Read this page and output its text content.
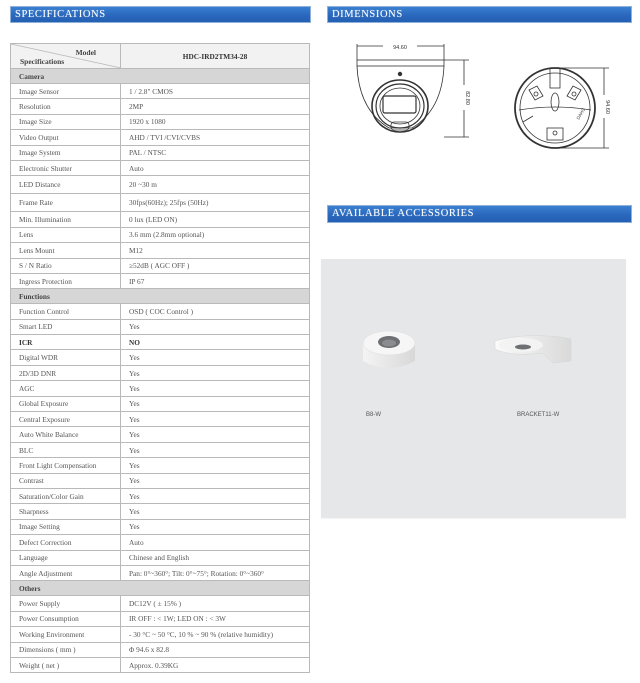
SPECIFICATIONS	DIMENSIONS
AVAILABLE ACCESSORIES
Model
Specifications	HDC-IRD2TM34-28
Camera	
Image Sensor	1 / 2.8" CMOS
Resolution	2MP
Image Size	1920 x 1080
Video Output	AHD / TVI /CVI/CVBS
Image System	PAL / NTSC
Electronic Shutter	Auto
LED Distance	20 ~30 m
Frame Rate	30fps(60Hz); 25fps (50Hz)
Min. Illumination	0 lux (LED ON)
Lens	3.6 mm (2.8mm optional)
Lens Mount	M12
S / N Ratio	≥52dB ( AGC OFF )
Ingress Protection	IP 67
Functions	
Function Control	OSD ( COC Control )
Smart LED	Yes
ICR	NO
Digital WDR	Yes
2D/3D DNR	Yes
AGC	Yes
Global Exposure	Yes
Central Exposure	Yes
Auto White Balance	Yes
BLC	Yes
Front Light Compensation	Yes
Contrast	Yes
Saturation/Color Gain	Yes
Sharpness	Yes
Image Setting	Yes
Defect Correction	Auto
Language	Chinese and English
Angle Adjustment	Pan: 0°~360°; Tilt: 0°~75°; Rotation: 0°~360°
Others	
Power Supply	DC12V ( ± 15% )
Power Consumption	IR OFF : < 1W; LED ON : < 3W
Working Environment	- 30 °C ~ 50 °C, 10 % ~ 90 % (relative humidity)
Dimensions ( mm )	Φ 94.6 x 82.8
Weight ( net )	Approx. 0.39KG
94.60
82.80
DAHS	94.60
B8-W	BRACKET11-W
